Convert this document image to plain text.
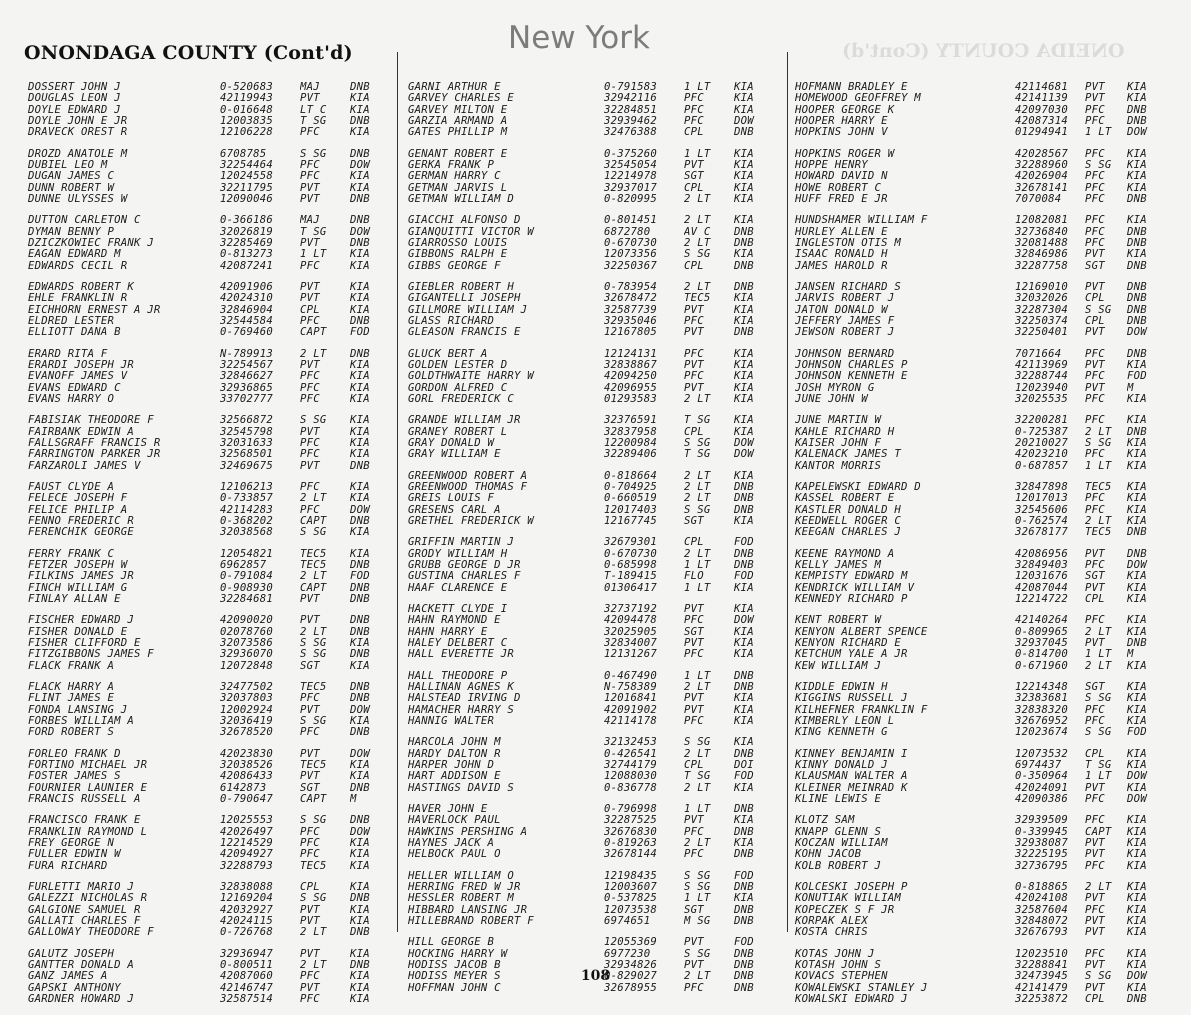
New York
ONONDAGA COUNTY (Cont'd)	ONEIDA COUNTY (Cont'd)
DOSSERT JOHN J	0-520683	MAJ	DNB
DOUGLAS LEON J	42119943	PVT	KIA
DOYLE EDWARD J	0-016648	LT C	KIA
DOYLE JOHN E JR	12003835	T SG	DNB
DRAVECK OREST R	12106228	PFC	KIA
DROZD ANATOLE M	6708785	S SG	DNB
DUBIEL LEO M	32254464	PFC	DOW
DUGAN JAMES C	12024558	PFC	KIA
DUNN ROBERT W	32211795	PVT	KIA
DUNNE ULYSSES W	12090046	PVT	DNB
DUTTON CARLETON C	0-366186	MAJ	DNB
DYMAN BENNY P	32026819	T SG	DOW
DZICZKOWIEC FRANK J	32285469	PVT	DNB
EAGAN EDWARD M	0-813273	1 LT	KIA
EDWARDS CECIL R	42087241	PFC	KIA
EDWARDS ROBERT K	42091906	PVT	KIA
EHLE FRANKLIN R	42024310	PVT	KIA
EICHHORN ERNEST A JR	32846904	CPL	KIA
ELDRED LESTER	32544584	PFC	DNB
ELLIOTT DANA B	0-769460	CAPT	FOD
ERARD RITA F	N-789913	2 LT	DNB
ERARDI JOSEPH JR	32254567	PVT	KIA
EVANOFF JAMES V	32846627	PFC	KIA
EVANS EDWARD C	32936865	PFC	KIA
EVANS HARRY O	33702777	PFC	KIA
FABISIAK THEODORE F	32566872	S SG	KIA
FAIRBANK EDWIN A	32545798	PVT	KIA
FALLSGRAFF FRANCIS R	32031633	PFC	KIA
FARRINGTON PARKER JR	32568501	PFC	KIA
FARZAROLI JAMES V	32469675	PVT	DNB
FAUST CLYDE A	12106213	PFC	KIA
FELECE JOSEPH F	0-733857	2 LT	KIA
FELICE PHILIP A	42114283	PFC	DOW
FENNO FREDERIC R	0-368202	CAPT	DNB
FERENCHIK GEORGE	32038568	S SG	KIA
FERRY FRANK C	12054821	TEC5	KIA
FETZER JOSEPH W	6962857	TEC5	DNB
FILKINS JAMES JR	0-791084	2 LT	FOD
FINCH WILLIAM G	0-908930	CAPT	DNB
FINLAY ALLAN E	32284681	PVT	DNB
FISCHER EDWARD J	42090020	PVT	DNB
FISHER DONALD E	02078760	2 LT	DNB
FISHER CLIFFORD E	32073586	S SG	KIA
FITZGIBBONS JAMES F	32936070	S SG	DNB
FLACK FRANK A	12072848	SGT	KIA
FLACK HARRY A	32477502	TEC5	DNB
FLINT JAMES E	32037803	PFC	DNB
FONDA LANSING J	12002924	PVT	DOW
FORBES WILLIAM A	32036419	S SG	KIA
FORD ROBERT S	32678520	PFC	DNB
FORLEO FRANK D	42023830	PVT	DOW
FORTINO MICHAEL JR	32038526	TEC5	KIA
FOSTER JAMES S	42086433	PVT	KIA
FOURNIER LAUNIER E	6142873	SGT	DNB
FRANCIS RUSSELL A	0-790647	CAPT	M
FRANCISCO FRANK E	12025553	S SG	DNB
FRANKLIN RAYMOND L	42026497	PFC	DOW
FREY GEORGE N	12214529	PFC	KIA
FULLER EDWIN W	42094927	PFC	KIA
FURA RICHARD	32288793	TEC5	KIA
FURLETTI MARIO J	32838088	CPL	KIA
GALEZZI NICHOLAS R	12169204	S SG	DNB
GALGIONE SAMUEL R	42032927	PVT	KIA
GALLATI CHARLES F	42024115	PVT	KIA
GALLOWAY THEODORE F	0-726768	2 LT	DNB
GALUTZ JOSEPH	32936947	PVT	KIA
GANTTER DONALD A	0-800511	2 LT	DNB
GANZ JAMES A	42087060	PFC	KIA
GAPSKI ANTHONY	42146747	PVT	KIA
GARDNER HOWARD J	32587514	PFC	KIA
GARNI ARTHUR E	0-791583	1 LT	KIA
GARVEY CHARLES E	32942116	PFC	KIA
GARVEY MILTON E	32284851	PFC	KIA
GARZIA ARMAND A	32939462	PFC	DOW
GATES PHILLIP M	32476388	CPL	DNB
GENANT ROBERT E	0-375260	1 LT	KIA
GERKA FRANK P	32545054	PVT	KIA
GERMAN HARRY C	12214978	SGT	KIA
GETMAN JARVIS L	32937017	CPL	KIA
GETMAN WILLIAM D	0-820995	2 LT	KIA
GIACCHI ALFONSO D	0-801451	2 LT	KIA
GIANQUITTI VICTOR W	6872780	AV C	DNB
GIARROSSO LOUIS	0-670730	2 LT	DNB
GIBBONS RALPH E	12073356	S SG	KIA
GIBBS GEORGE F	32250367	CPL	DNB
GIEBLER ROBERT H	0-783954	2 LT	DNB
GIGANTELLI JOSEPH	32678472	TEC5	KIA
GILLMORE WILLIAM J	32587739	PVT	KIA
GLASS RICHARD	32935046	PFC	KIA
GLEASON FRANCIS E	12167805	PVT	DNB
GLUCK BERT A	12124131	PFC	KIA
GOLDEN LESTER D	32838867	PVT	KIA
GOLDTHWAITE HARRY W	42094250	PFC	KIA
GORDON ALFRED C	42096955	PVT	KIA
GORL FREDERICK C	01293583	2 LT	KIA
GRANDE WILLIAM JR	32376591	T SG	KIA
GRANEY ROBERT L	32837958	CPL	KIA
GRAY DONALD W	12200984	S SG	DOW
GRAY WILLIAM E	32289406	T SG	DOW
GREENWOOD ROBERT A	0-818664	2 LT	KIA
GREENWOOD THOMAS F	0-704925	2 LT	DNB
GREIS LOUIS F	0-660519	2 LT	DNB
GRESENS CARL A	12017403	S SG	DNB
GRETHEL FREDERICK W	12167745	SGT	KIA
GRIFFIN MARTIN J	32679301	CPL	FOD
GRODY WILLIAM H	0-670730	2 LT	DNB
GRUBB GEORGE D JR	0-685998	1 LT	DNB
GUSTINA CHARLES F	T-189415	FLO	FOD
HAAF CLARENCE E	01306417	1 LT	KIA
HACKETT CLYDE I	32737192	PVT	KIA
HAHN RAYMOND E	42094478	PFC	DOW
HAHN HARRY E	32025905	SGT	KIA
HALEY DELBERT C	32834007	PVT	KIA
HALL EVERETTE JR	12131267	PFC	KIA
HALL THEODORE P	0-467490	1 LT	DNB
HALLINAN AGNES K	N-758389	2 LT	DNB
HALSTEAD IRVING D	12016841	PVT	KIA
HAMACHER HARRY S	42091902	PVT	KIA
HANNIG WALTER	42114178	PFC	KIA
HARCOLA JOHN M	32132453	S SG	KIA
HARDY DALTON R	0-426541	2 LT	DNB
HARPER JOHN D	32744179	CPL	DOI
HART ADDISON E	12088030	T SG	FOD
HASTINGS DAVID S	0-836778	2 LT	KIA
HAVER JOHN E	0-796998	1 LT	DNB
HAVERLOCK PAUL	32287525	PVT	KIA
HAWKINS PERSHING A	32676830	PFC	DNB
HAYNES JACK A	0-819263	2 LT	KIA
HELBOCK PAUL O	32678144	PFC	DNB
HELLER WILLIAM O	12198435	S SG	FOD
HERRING FRED W JR	12003607	S SG	DNB
HESSLER ROBERT M	0-537825	1 LT	KIA
HIBBARD LANSING JR	12073538	SGT	DNB
HILLEBRAND ROBERT F	6974651	M SG	DNB
HILL GEORGE B	12055369	PVT	FOD
HOCKING HARRY W	6977230	S SG	DNB
HODISS JACOB B	32934826	PVT	DNB
HODISS MEYER S	0-829027	2 LT	DNB
HOFFMAN JOHN C	32678955	PFC	DNB
HOFMANN BRADLEY E	42114681	PVT	KIA
HOMEWOOD GEOFFREY M	42141139	PVT	KIA
HOOPER GEORGE K	42097030	PFC	DNB
HOOPER HARRY E	42087314	PFC	DNB
HOPKINS JOHN V	01294941	1 LT	DOW
HOPKINS ROGER W	42028567	PFC	KIA
HOPPE HENRY	32288960	S SG	KIA
HOWARD DAVID N	42026904	PFC	KIA
HOWE ROBERT C	32678141	PFC	KIA
HUFF FRED E JR	7070084	PFC	DNB
HUNDSHAMER WILLIAM F	12082081	PFC	KIA
HURLEY ALLEN E	32736840	PFC	DNB
INGLESTON OTIS M	32081488	PFC	DNB
ISAAC RONALD H	32846986	PVT	KIA
JAMES HAROLD R	32287758	SGT	DNB
JANSEN RICHARD S	12169010	PVT	DNB
JARVIS ROBERT J	32032026	CPL	DNB
JATON DONALD W	32287304	S SG	DNB
JEFFERY JAMES F	32250374	CPL	DNB
JEWSON ROBERT J	32250401	PVT	DOW
JOHNSON BERNARD	7071664	PFC	DNB
JOHNSON CHARLES P	42113969	PVT	KIA
JOHNSON KENNETH E	32288744	PFC	FOD
JOSH MYRON G	12023940	PVT	M
JUNE JOHN W	32025535	PFC	KIA
JUNE MARTIN W	32200281	PFC	KIA
KAHLE RICHARD H	0-725387	2 LT	DNB
KAISER JOHN F	20210027	S SG	KIA
KALENACK JAMES T	42023210	PFC	KIA
KANTOR MORRIS	0-687857	1 LT	KIA
KAPELEWSKI EDWARD D	32847898	TEC5	KIA
KASSEL ROBERT E	12017013	PFC	KIA
KASTLER DONALD H	32545606	PFC	KIA
KEEDWELL ROGER C	0-762574	2 LT	KIA
KEEGAN CHARLES J	32678177	TEC5	DNB
KEENE RAYMOND A	42086956	PVT	DNB
KELLY JAMES M	32849403	PFC	DOW
KEMPISTY EDWARD M	12031676	SGT	KIA
KENDRICK WILLIAM V	42087044	PVT	KIA
KENNEDY RICHARD P	12214722	CPL	KIA
KENT ROBERT W	42140264	PFC	KIA
KENYON ALBERT SPENCE	0-809965	2 LT	KIA
KENYON RICHARD E	32937045	PVT	DNB
KETCHUM YALE A JR	0-814700	1 LT	M
KEW WILLIAM J	0-671960	2 LT	KIA
KIDDLE EDWIN H	12214348	SGT	KIA
KIGGINS RUSSELL J	32383681	S SG	KIA
KILHEFNER FRANKLIN F	32838320	PFC	KIA
KIMBERLY LEON L	32676952	PFC	KIA
KING KENNETH G	12023674	S SG	FOD
KINNEY BENJAMIN I	12073532	CPL	KIA
KINNY DONALD J	6974437	T SG	KIA
KLAUSMAN WALTER A	0-350964	1 LT	DOW
KLEINER MEINRAD K	42024091	PVT	KIA
KLINE LEWIS E	42090386	PFC	DOW
KLOTZ SAM	32939509	PFC	KIA
KNAPP GLENN S	0-339945	CAPT	KIA
KOCZAN WILLIAM	32938087	PVT	KIA
KOHN JACOB	32225195	PVT	KIA
KOLB ROBERT J	32736795	PFC	KIA
KOLCESKI JOSEPH P	0-818865	2 LT	KIA
KONUTIAK WILLIAM	42024108	PVT	KIA
KOPECZEK S F JR	32587604	PFC	KIA
KORPAK ALEX	32848072	PVT	KIA
KOSTA CHRIS	32676793	PVT	KIA
KOTAS JOHN J	12023510	PFC	KIA
KOTASH JOHN S	32288841	PVT	KIA
KOVACS STEPHEN	32473945	S SG	DOW
KOWALEWSKI STANLEY J	42141479	PVT	KIA
KOWALSKI EDWARD J	32253872	CPL	DNB
108
